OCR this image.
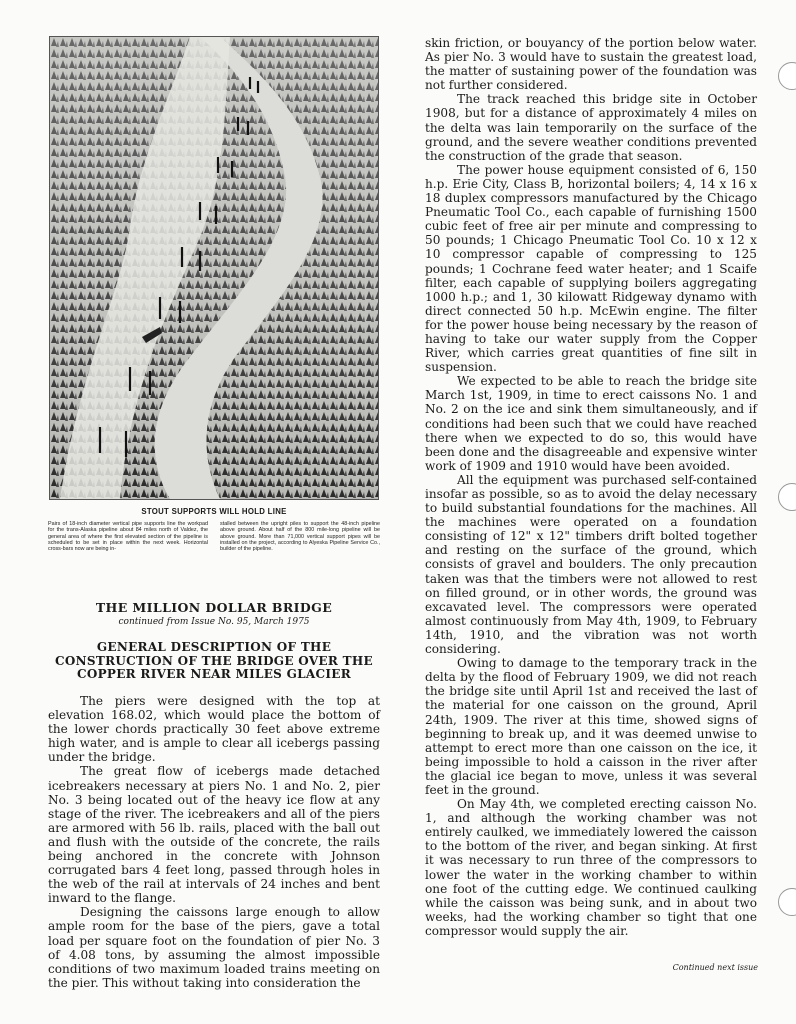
STOUT SUPPORTS WILL HOLD LINE
Pairs of 18-inch diameter vertical pipe supports line the workpad for the trans-Alaska pipeline about 84 miles north of Valdez, the general area of where the first elevated section of the pipeline is scheduled to be set in place within the next week. Horizontal cross-bars now are being in-
stalled between the upright piles to support the 48-inch pipeline above ground. About half of the 800 mile-long pipeline will be above ground. More than 71,000 vertical support pipes will be installed on the project, according to Alyeska Pipeline Service Co., builder of the pipeline.
THE MILLION DOLLAR BRIDGE
continued from Issue No. 95, March 1975
GENERAL DESCRIPTION OF THE CONSTRUCTION OF THE BRIDGE OVER THE COPPER RIVER NEAR MILES GLACIER

The piers were designed with the top at elevation 168.02, which would place the bottom of the lower chords practically 30 feet above extreme high water, and is ample to clear all icebergs passing under the bridge.

The great flow of icebergs made detached icebreakers necessary at piers No. 1 and No. 2, pier No. 3 being located out of the heavy ice flow at any stage of the river. The icebreakers and all of the piers are armored with 56 lb. rails, placed with the ball out and flush with the outside of the concrete, the rails being anchored in the concrete with Johnson corrugated bars 4 feet long, passed through holes in the web of the rail at intervals of 24 inches and bent inward to the flange.

Designing the caissons large enough to allow ample room for the base of the piers, gave a total load per square foot on the foundation of pier No. 3 of 4.08 tons, by assuming the almost impossible conditions of two maximum loaded trains meeting on the pier. This without taking into consideration the

skin friction, or bouyancy of the portion below water. As pier No. 3 would have to sustain the greatest load, the matter of sustaining power of the foundation was not further considered.

The track reached this bridge site in October 1908, but for a distance of approximately 4 miles on the delta was lain temporarily on the surface of the ground, and the severe weather conditions prevented the construction of the grade that season.

The power house equipment consisted of 6, 150 h.p. Erie City, Class B, horizontal boilers; 4, 14 x 16 x 18 duplex compressors manufactured by the Chicago Pneumatic Tool Co., each capable of furnishing 1500 cubic feet of free air per minute and compressing to 50 pounds; 1 Chicago Pneumatic Tool Co. 10 x 12 x 10 compressor capable of compressing to 125 pounds; 1 Cochrane feed water heater; and 1 Scaife filter, each capable of supplying boilers aggregating 1000 h.p.; and 1, 30 kilowatt Ridgeway dynamo with direct connected 50 h.p. McEwin engine. The filter for the power house being necessary by the reason of having to take our water supply from the Copper River, which carries great quantities of fine silt in suspension.

We expected to be able to reach the bridge site March 1st, 1909, in time to erect caissons No. 1 and No. 2 on the ice and sink them simultaneously, and if conditions had been such that we could have reached there when we expected to do so, this would have been done and the disagreeable and expensive winter work of 1909 and 1910 would have been avoided.

All the equipment was purchased self-contained insofar as possible, so as to avoid the delay necessary to build substantial foundations for the machines. All the machines were operated on a foundation consisting of 12" x 12" timbers drift bolted together and resting on the surface of the ground, which consists of gravel and boulders. The only precaution taken was that the timbers were not allowed to rest on filled ground, or in other words, the ground was excavated level. The compressors were operated almost continuously from May 4th, 1909, to February 14th, 1910, and the vibration was not worth considering.

Owing to damage to the temporary track in the delta by the flood of February 1909, we did not reach the bridge site until April 1st and received the last of the material for one caisson on the ground, April 24th, 1909. The river at this time, showed signs of beginning to break up, and it was deemed unwise to attempt to erect more than one caisson on the ice, it being impossible to hold a caisson in the river after the glacial ice began to move, unless it was several feet in the ground.

On May 4th, we completed erecting caisson No. 1, and although the working chamber was not entirely caulked, we immediately lowered the caisson to the bottom of the river, and began sinking. At first it was necessary to run three of the compressors to lower the water in the working chamber to within one foot of the cutting edge. We continued caulking while the caisson was being sunk, and in about two weeks, had the working chamber so tight that one compressor would supply the air.

Continued next issue
